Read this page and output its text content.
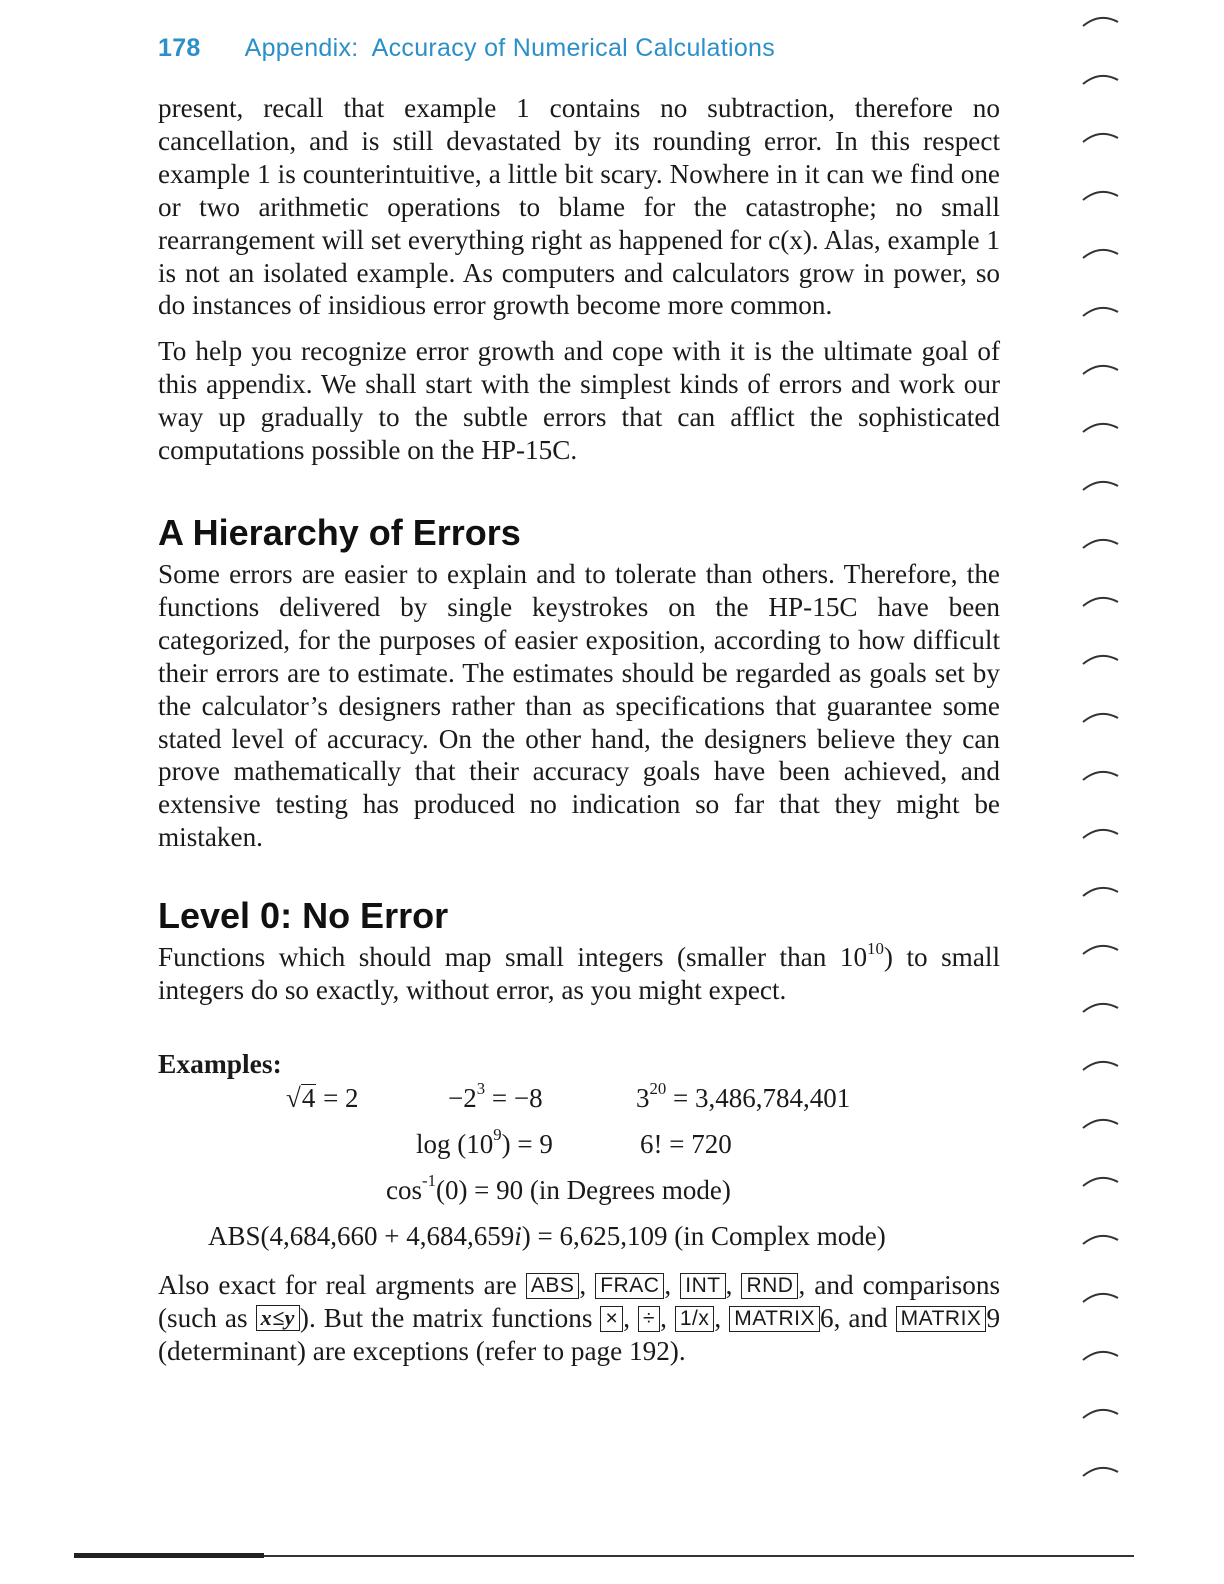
178 Appendix:  Accuracy of Numerical Calculations

present, recall that example 1 contains no subtraction, therefore no cancellation, and is still devastated by its rounding error. In this respect example 1 is counterintuitive, a little bit scary. Nowhere in it can we find one or two arithmetic operations to blame for the catastrophe; no small rearrangement will set everything right as happened for c(x). Alas, example 1 is not an isolated example. As computers and calculators grow in power, so do instances of insidious error growth become more common.

To help you recognize error growth and cope with it is the ultimate goal of this appendix. We shall start with the simplest kinds of errors and work our way up gradually to the subtle errors that can afflict the sophisticated computations possible on the HP-15C.

A Hierarchy of Errors

Some errors are easier to explain and to tolerate than others. Therefore, the functions delivered by single keystrokes on the HP-15C have been categorized, for the purposes of easier exposition, according to how difficult their errors are to estimate. The estimates should be regarded as goals set by the calculator’s designers rather than as specifications that guarantee some stated level of accuracy. On the other hand, the designers believe they can prove mathematically that their accuracy goals have been achieved, and extensive testing has produced no indication so far that they might be mistaken.

Level 0: No Error

Functions which should map small integers (smaller than $10^{10}$) to small integers do so exactly, without error, as you might expect.

Examples:

√4 = 2	$-2^3 = -8$	$3^{20} = 3,486,784,401$
$\log (10^9) = 9$	6! = 720
$\cos^{-1}(0) = 90$ (in Degrees mode)
ABS(4,684,660 + 4,684,659i) = 6,625,109 (in Complex mode)

Also exact for real argments are ABS , FRAC , INT , RND , and comparisons (such as x≤y ). But the matrix functions × , ÷ , 1/x , MATRIX 6, and MATRIX 9 (determinant) are exceptions (refer to page 192).
